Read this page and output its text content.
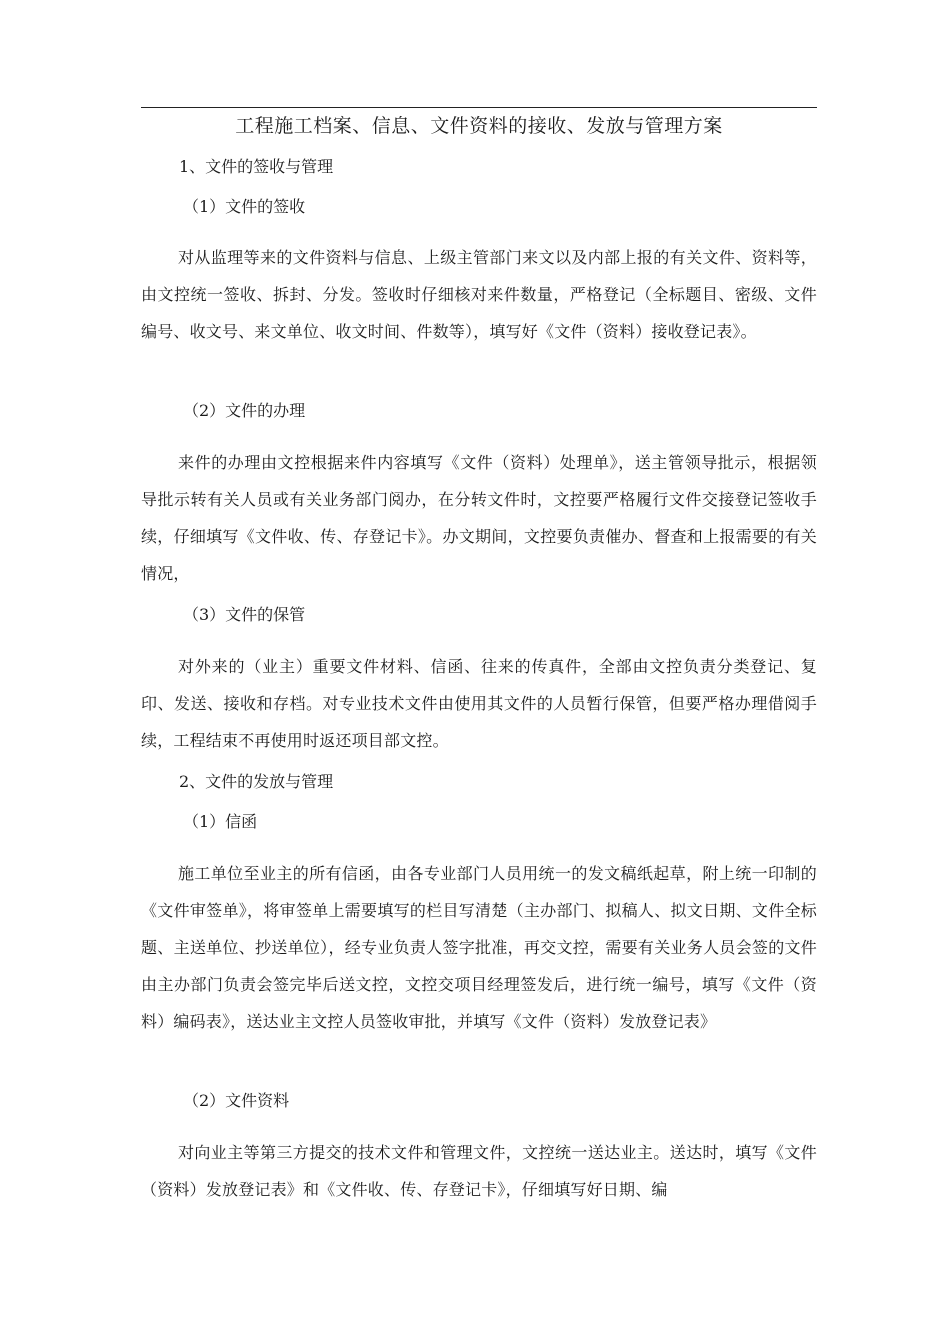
工程施工档案、信息、文件资料的接收、发放与管理方案
1、文件的签收与管理
（1）文件的签收
对从监理等来的文件资料与信息、上级主管部门来文以及内部上报的有关文件、资料等，由文控统一签收、拆封、分发。签收时仔细核对来件数量，严格登记（全标题目、密级、文件编号、收文号、来文单位、收文时间、件数等），填写好《文件（资料）接收登记表》。
（2）文件的办理
来件的办理由文控根据来件内容填写《文件（资料）处理单》，送主管领导批示，根据领导批示转有关人员或有关业务部门阅办，在分转文件时，文控要严格履行文件交接登记签收手续，仔细填写《文件收、传、存登记卡》。办文期间，文控要负责催办、督查和上报需要的有关情况，
（3）文件的保管
对外来的（业主）重要文件材料、信函、往来的传真件，全部由文控负责分类登记、复印、发送、接收和存档。对专业技术文件由使用其文件的人员暂行保管，但要严格办理借阅手续，工程结束不再使用时返还项目部文控。
2、文件的发放与管理
（1）信函
施工单位至业主的所有信函，由各专业部门人员用统一的发文稿纸起草，附上统一印制的《文件审签单》，将审签单上需要填写的栏目写清楚（主办部门、拟稿人、拟文日期、文件全标题、主送单位、抄送单位），经专业负责人签字批准，再交文控，需要有关业务人员会签的文件由主办部门负责会签完毕后送文控，文控交项目经理签发后，进行统一编号，填写《文件（资料）编码表》，送达业主文控人员签收审批，并填写《文件（资料）发放登记表》
（2）文件资料
对向业主等第三方提交的技术文件和管理文件，文控统一送达业主。送达时，填写《文件（资料）发放登记表》和《文件收、传、存登记卡》，仔细填写好日期、编
